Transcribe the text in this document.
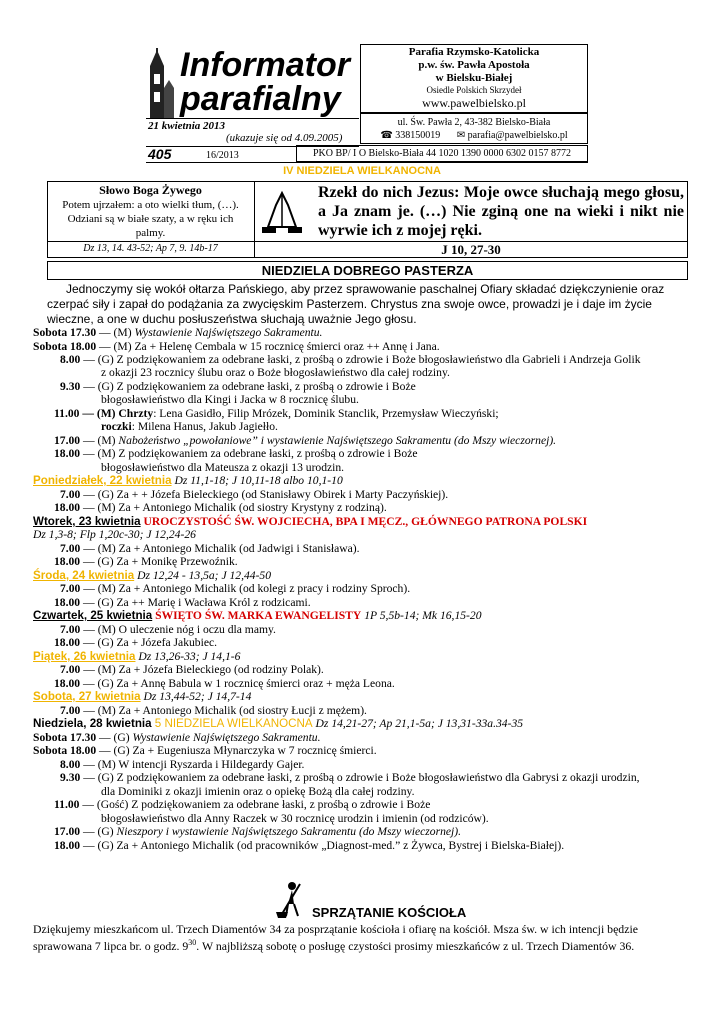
Informator
parafialny
21 kwietnia 2013
(ukazuje się od 4.09.2005)
405	16/2013
Parafia Rzymsko-Katolicka
p.w. św. Pawła Apostoła
w Bielsku-Białej
Osiedle Polskich Skrzydeł
www.pawelbielsko.pl
ul. Św. Pawła 2, 43-382 Bielsko-Biała
☎ 338150019 ✉ parafia@pawelbielsko.pl
PKO BP/ I O Bielsko-Biała 44 1020 1390 0000 6302 0157 8772
IV NIEDZIELA WIELKANOCNA
Słowo Boga Żywego
Potem ujrzałem: a oto wielki tłum, (…). Odziani są w białe szaty, a w ręku ich palmy.
Dz 13, 14. 43-52; Ap 7, 9. 14b-17
Rzekł do nich Jezus: Moje owce słuchają mego głosu, a Ja znam je. (…) Nie zginą one na wieki i nikt nie wyrwie ich z mojej ręki.
J 10, 27-30
NIEDZIELA DOBREGO PASTERZA
Jednoczymy się wokół ołtarza Pańskiego, aby przez sprawowanie paschalnej Ofiary składać dziękczynienie oraz
czerpać siły i zapał do podążania za zwycięskim Pasterzem. Chrystus zna swoje owce, prowadzi je i daje im życie
wieczne, a one w duchu posłuszeństwa słuchają uważnie Jego głosu.
Sobota 17.30 — (M) Wystawienie Najświętszego Sakramentu.
Sobota 18.00 — (M) Za + Helenę Cembala w 15 rocznicę śmierci oraz ++ Annę i Jana.
8.00 — (G) Z podziękowaniem za odebrane łaski, z prośbą o zdrowie i Boże błogosławieństwo dla Gabrieli i Andrzeja Golik
z okazji 23 rocznicy ślubu oraz o Boże błogosławieństwo dla całej rodziny.
9.30 — (G) Z podziękowaniem za odebrane łaski, z prośbą o zdrowie i Boże
błogosławieństwo dla Kingi i Jacka w 8 rocznicę ślubu.
11.00 — (M) Chrzty: Lena Gasidło, Filip Mrózek, Dominik Stanclik, Przemysław Wieczyński;
roczki: Milena Hanus, Jakub Jagiełło.
17.00 — (M) Nabożeństwo „powołaniowe” i wystawienie Najświętszego Sakramentu (do Mszy wieczornej).
18.00 — (M) Z podziękowaniem za odebrane łaski, z prośbą o zdrowie i Boże
błogosławieństwo dla Mateusza z okazji 13 urodzin.
Poniedziałek, 22 kwietnia Dz 11,1-18; J 10,11-18 albo 10,1-10
7.00 — (G) Za + + Józefa Bieleckiego (od Stanisławy Obirek i Marty Paczyńskiej).
18.00 — (M) Za + Antoniego Michalik (od siostry Krystyny z rodziną).
Wtorek, 23 kwietnia UROCZYSTOŚĆ ŚW. WOJCIECHA, BPA I MĘCZ., GŁÓWNEGO PATRONA POLSKI
Dz 1,3-8; Flp 1,20c-30; J 12,24-26
7.00 — (M) Za + Antoniego Michalik (od Jadwigi i Stanisława).
18.00 — (G) Za + Monikę Przewoźnik.
Środa, 24 kwietnia Dz 12,24 - 13,5a; J 12,44-50
7.00 — (M) Za + Antoniego Michalik (od kolegi z pracy i rodziny Sproch).
18.00 — (G) Za ++ Marię i Wacława Król z rodzicami.
Czwartek, 25 kwietnia ŚWIĘTO ŚW. MARKA EWANGELISTY 1P 5,5b-14; Mk 16,15-20
7.00 — (M) O uleczenie nóg i oczu dla mamy.
18.00 — (G) Za + Józefa Jakubiec.
Piątek, 26 kwietnia Dz 13,26-33; J 14,1-6
7.00 — (M) Za + Józefa Bieleckiego (od rodziny Polak).
18.00 — (G) Za + Annę Babula w 1 rocznicę śmierci oraz + męża Leona.
Sobota, 27 kwietnia Dz 13,44-52; J 14,7-14
7.00 — (M) Za + Antoniego Michalik (od siostry Łucji z mężem).
Niedziela, 28 kwietnia 5 NIEDZIELA WIELKANOCNA Dz 14,21-27; Ap 21,1-5a; J 13,31-33a.34-35
Sobota 17.30 — (G) Wystawienie Najświętszego Sakramentu.
Sobota 18.00 — (G) Za + Eugeniusza Młynarczyka w 7 rocznicę śmierci.
8.00 — (M) W intencji Ryszarda i Hildegardy Gajer.
9.30 — (G) Z podziękowaniem za odebrane łaski, z prośbą o zdrowie i Boże błogosławieństwo dla Gabrysi z okazji urodzin,
dla Dominiki z okazji imienin oraz o opiekę Bożą dla całej rodziny.
11.00 — (Gość) Z podziękowaniem za odebrane łaski, z prośbą o zdrowie i Boże
błogosławieństwo dla Anny Raczek w 30 rocznicę urodzin i imienin (od rodziców).
17.00 — (G) Nieszpory i wystawienie Najświętszego Sakramentu (do Mszy wieczornej).
18.00 — (G) Za + Antoniego Michalik (od pracowników „Diagnost-med.” z Żywca, Bystrej i Bielska-Białej).
SPRZĄTANIE KOŚCIOŁA
Dziękujemy mieszkańcom ul. Trzech Diamentów 34 za posprzątanie kościoła i ofiarę na kościół. Msza św. w ich intencji będzie
sprawowana 7 lipca br. o godz. $9^{30}$. W najbliższą sobotę o posługę czystości prosimy mieszkańców z ul. Trzech Diamentów 36.
